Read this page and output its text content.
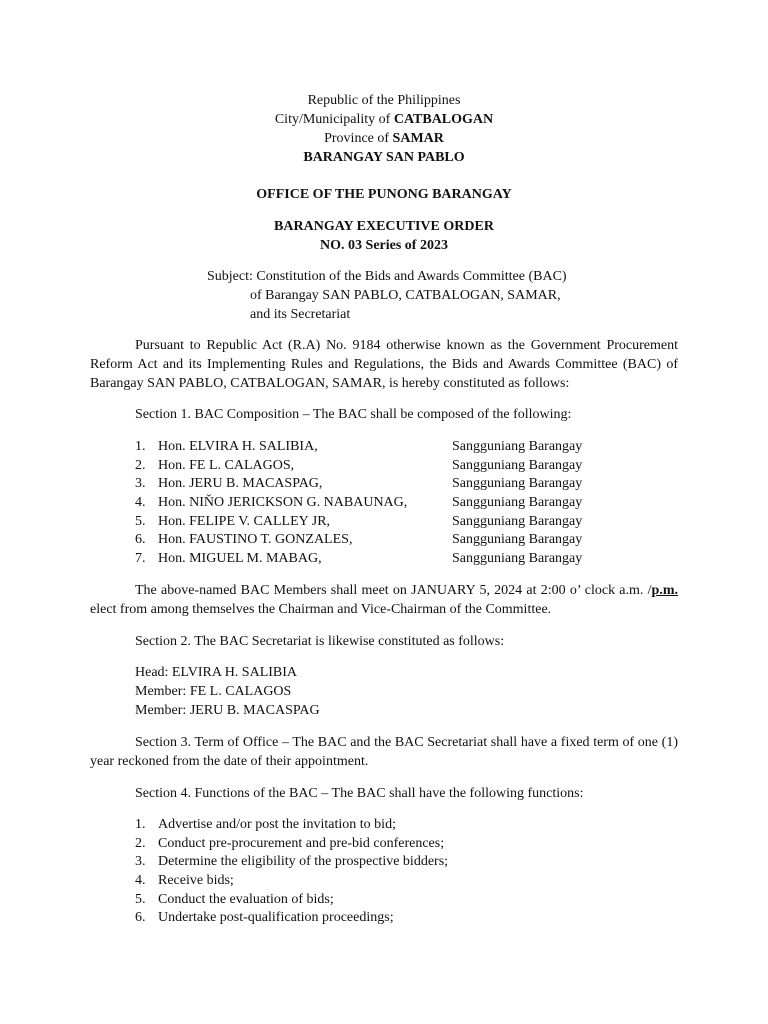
Republic of the Philippines
City/Municipality of CATBALOGAN
Province of SAMAR
BARANGAY SAN PABLO
OFFICE OF THE PUNONG BARANGAY
BARANGAY EXECUTIVE ORDER
NO. 03 Series of 2023
Subject: Constitution of the Bids and Awards Committee (BAC)
of Barangay SAN PABLO, CATBALOGAN, SAMAR,
and its Secretariat
Pursuant to Republic Act (R.A) No. 9184 otherwise known as the Government Procurement Reform Act and its Implementing Rules and Regulations, the Bids and Awards Committee (BAC) of Barangay SAN PABLO, CATBALOGAN, SAMAR, is hereby constituted as follows:
Section 1. BAC Composition – The BAC shall be composed of the following:
1. Hon. ELVIRA H. SALIBIA,	Sangguniang Barangay
2. Hon. FE L. CALAGOS,	Sangguniang Barangay
3. Hon. JERU B. MACASPAG,	Sangguniang Barangay
4. Hon. NIŇO JERICKSON G. NABAUNAG,	Sangguniang Barangay
5. Hon. FELIPE V. CALLEY JR,	Sangguniang Barangay
6. Hon. FAUSTINO T. GONZALES,	Sangguniang Barangay
7. Hon. MIGUEL M. MABAG,	Sangguniang Barangay
The above-named BAC Members shall meet on JANUARY 5, 2024 at 2:00 o’ clock a.m. /p.m. elect from among themselves the Chairman and Vice-Chairman of the Committee.
Section 2. The BAC Secretariat is likewise constituted as follows:
Head: ELVIRA H. SALIBIA
Member: FE L. CALAGOS
Member: JERU B. MACASPAG
Section 3. Term of Office – The BAC and the BAC Secretariat shall have a fixed term of one (1) year reckoned from the date of their appointment.
Section 4. Functions of the BAC – The BAC shall have the following functions:
1. Advertise and/or post the invitation to bid;
2. Conduct pre-procurement and pre-bid conferences;
3. Determine the eligibility of the prospective bidders;
4. Receive bids;
5. Conduct the evaluation of bids;
6. Undertake post-qualification proceedings;
